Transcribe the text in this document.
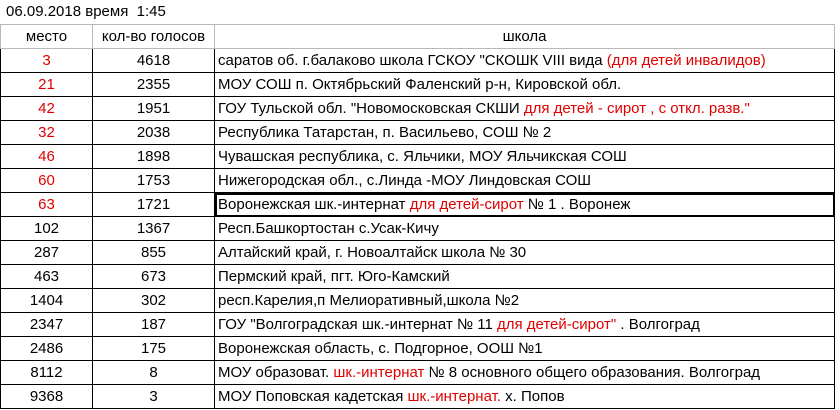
06.09.2018 время  1:45
место	кол-во голосов	школа
3	4618	саратов об. г.балаково школа ГСКОУ "СКОШК VIII вида (для детей инвалидов)
21	2355	МОУ СОШ п. Октябрьский Фаленский р-н, Кировской обл.
42	1951	ГОУ Тульской обл. "Новомосковская СКШИ для детей - сирот , с откл. разв."
32	2038	Республика Татарстан, п. Васильево, СОШ № 2
46	1898	Чувашская республика, с. Яльчики, МОУ Яльчикская СОШ
60	1753	Нижегородская обл., с.Линда -МОУ Линдовская СОШ
63	1721	Воронежская шк.-интернат для детей-сирот № 1 . Воронеж
102	1367	Респ.Башкортостан с.Усак-Кичу
287	855	Алтайский край, г. Новоалтайск школа № 30
463	673	Пермский край, пгт. Юго-Камский
1404	302	респ.Карелия,п Мелиоративный,школа №2
2347	187	ГОУ "Волгоградская шк.-интернат № 11 для детей-сирот" . Волгоград
2486	175	Воронежская область, с. Подгорное, ООШ №1
8112	8	МОУ образоват. шк.-интернат № 8 основного общего образования. Волгоград
9368	3	МОУ Поповская кадетская шк.-интернат. х. Попов
